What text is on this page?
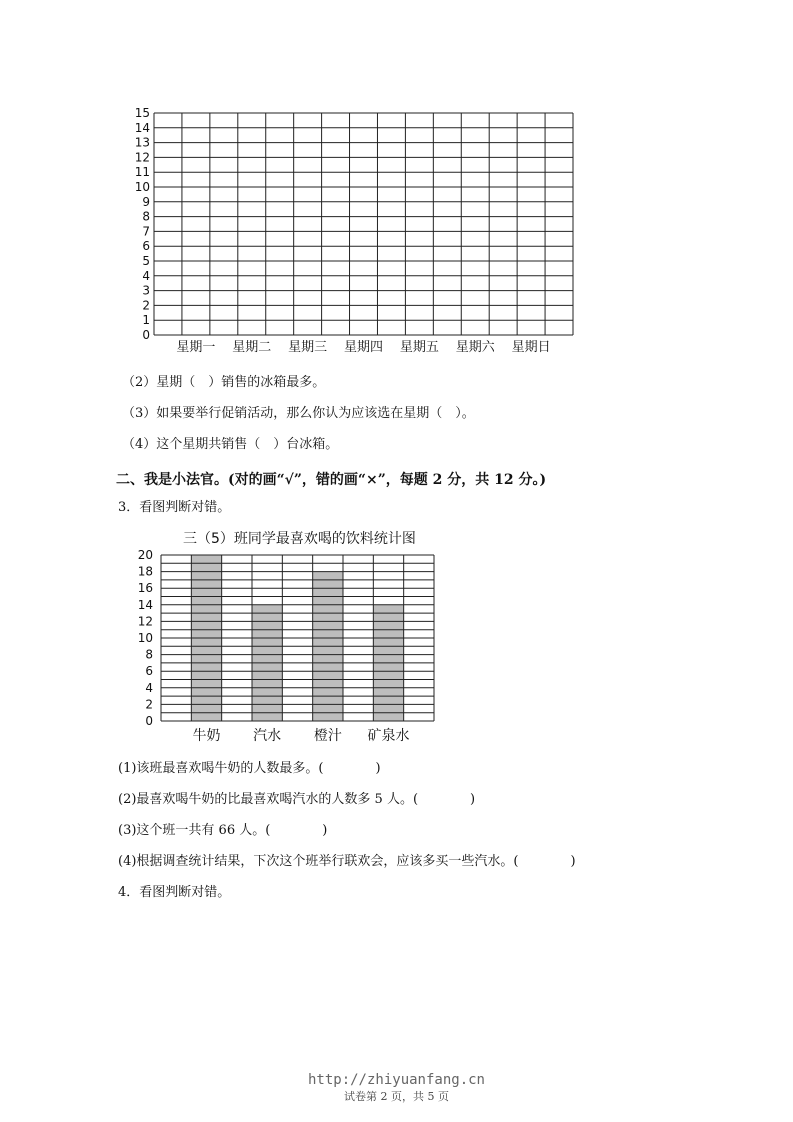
0
1
2
3
4
5
6
7
8
9
10
11
12
13
14
15
星期一 星期二 星期三 星期四 星期五 星期六 星期日
（2）星期（　）销售的冰箱最多。
（3）如果要举行促销活动，那么你认为应该选在星期（　）。
（4）这个星期共销售（　）台冰箱。
二、我是小法官。(对的画“√”，错的画“×”，每题 2 分，共 12 分。)
3．看图判断对错。
三（5）班同学最喜欢喝的饮料统计图
0
2
4
6
8
10
12
14
16
18
20
牛奶 汽水 橙汁 矿泉水
(1)该班最喜欢喝牛奶的人数最多。(　　　　)
(2)最喜欢喝牛奶的比最喜欢喝汽水的人数多 5 人。(　　　　)
(3)这个班一共有 66 人。(　　　　)
(4)根据调查统计结果，下次这个班举行联欢会，应该多买一些汽水。(　　　　)
4．看图判断对错。
http://zhiyuanfang.cn
试卷第 2 页，共 5 页
